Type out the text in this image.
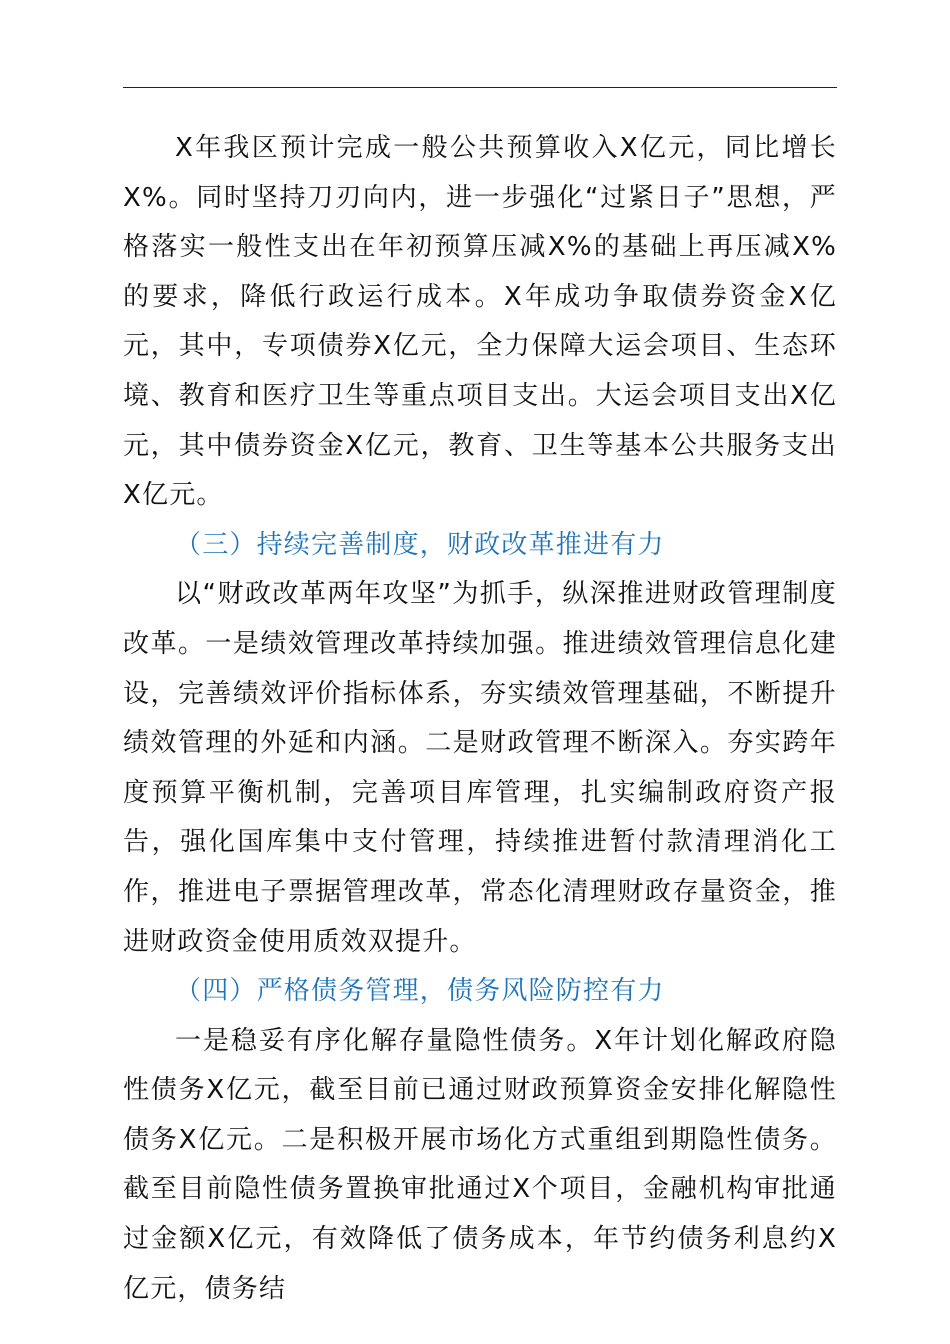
X年我区预计完成一般公共预算收入X亿元，同比增长X%。同时坚持刀刃向内，进一步强化“过紧日子”思想，严格落实一般性支出在年初预算压减X%的基础上再压减X%的要求，降低行政运行成本。X年成功争取债券资金X亿元，其中，专项债券X亿元，全力保障大运会项目、生态环境、教育和医疗卫生等重点项目支出。大运会项目支出X亿元，其中债券资金X亿元，教育、卫生等基本公共服务支出X亿元。

（三）持续完善制度，财政改革推进有力

以“财政改革两年攻坚”为抓手，纵深推进财政管理制度改革。一是绩效管理改革持续加强。推进绩效管理信息化建设，完善绩效评价指标体系，夯实绩效管理基础，不断提升绩效管理的外延和内涵。二是财政管理不断深入。夯实跨年度预算平衡机制，完善项目库管理，扎实编制政府资产报告，强化国库集中支付管理，持续推进暂付款清理消化工作，推进电子票据管理改革，常态化清理财政存量资金，推进财政资金使用质效双提升。

（四）严格债务管理，债务风险防控有力

一是稳妥有序化解存量隐性债务。X年计划化解政府隐性债务X亿元，截至目前已通过财政预算资金安排化解隐性债务X亿元。二是积极开展市场化方式重组到期隐性债务。截至目前隐性债务置换审批通过X个项目，金融机构审批通过金额X亿元，有效降低了债务成本，年节约债务利息约X亿元，债务结
